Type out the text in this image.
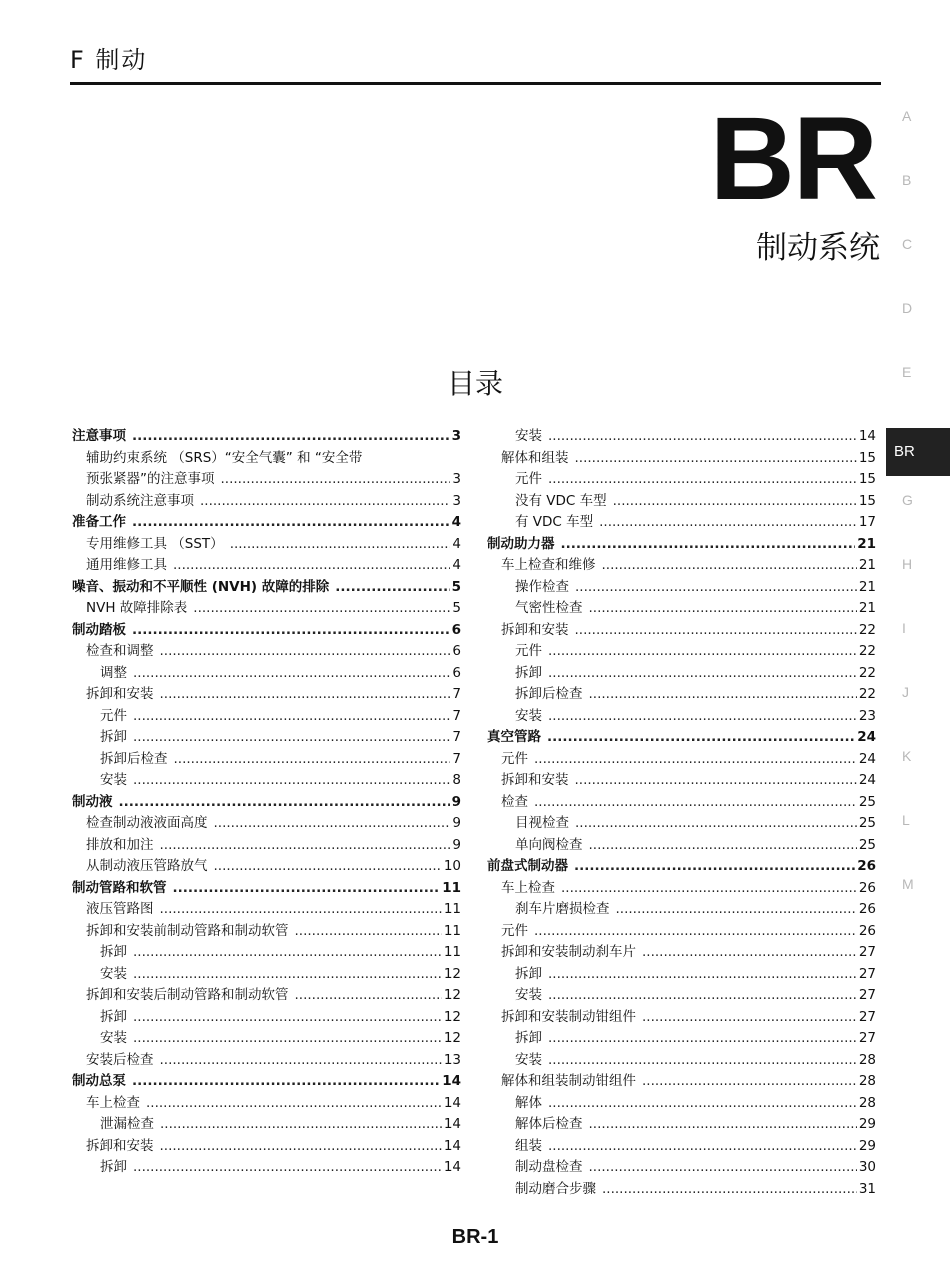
F 制动
BR
制动系统
A
B
C
D
E
BR
G
H
I
J
K
L
M
目录
注意事项 .....	3
辅助约束系统 （SRS）“安全气囊” 和 “安全带
预张紧器”的注意事项 .....	3
制动系统注意事项 .....	3
准备工作 .....	4
专用维修工具 （SST） .....	4
通用维修工具 .....	4
噪音、振动和不平顺性 (NVH) 故障的排除 .....	5
NVH 故障排除表 .....	5
制动踏板 .....	6
检查和调整 .....	6
调整 .....	6
拆卸和安装 .....	7
元件 .....	7
拆卸 .....	7
拆卸后检查 .....	7
安装 .....	8
制动液 .....	9
检查制动液液面高度 .....	9
排放和加注 .....	9
从制动液压管路放气 .....	10
制动管路和软管 .....	11
液压管路图 .....	11
拆卸和安装前制动管路和制动软管 .....	11
拆卸 .....	11
安装 .....	12
拆卸和安装后制动管路和制动软管 .....	12
拆卸 .....	12
安装 .....	12
安装后检查 .....	13
制动总泵 .....	14
车上检查 .....	14
泄漏检查 .....	14
拆卸和安装 .....	14
拆卸 .....	14
安装 .....	14
解体和组装 .....	15
元件 .....	15
没有 VDC 车型 .....	15
有 VDC 车型 .....	17
制动助力器 .....	21
车上检查和维修 .....	21
操作检查 .....	21
气密性检查 .....	21
拆卸和安装 .....	22
元件 .....	22
拆卸 .....	22
拆卸后检查 .....	22
安装 .....	23
真空管路 .....	24
元件 .....	24
拆卸和安装 .....	24
检查 .....	25
目视检查 .....	25
单向阀检查 .....	25
前盘式制动器 .....	26
车上检查 .....	26
刹车片磨损检查 .....	26
元件 .....	26
拆卸和安装制动刹车片 .....	27
拆卸 .....	27
安装 .....	27
拆卸和安装制动钳组件 .....	27
拆卸 .....	27
安装 .....	28
解体和组装制动钳组件 .....	28
解体 .....	28
解体后检查 .....	29
组装 .....	29
制动盘检查 .....	30
制动磨合步骤 .....	31
BR-1
